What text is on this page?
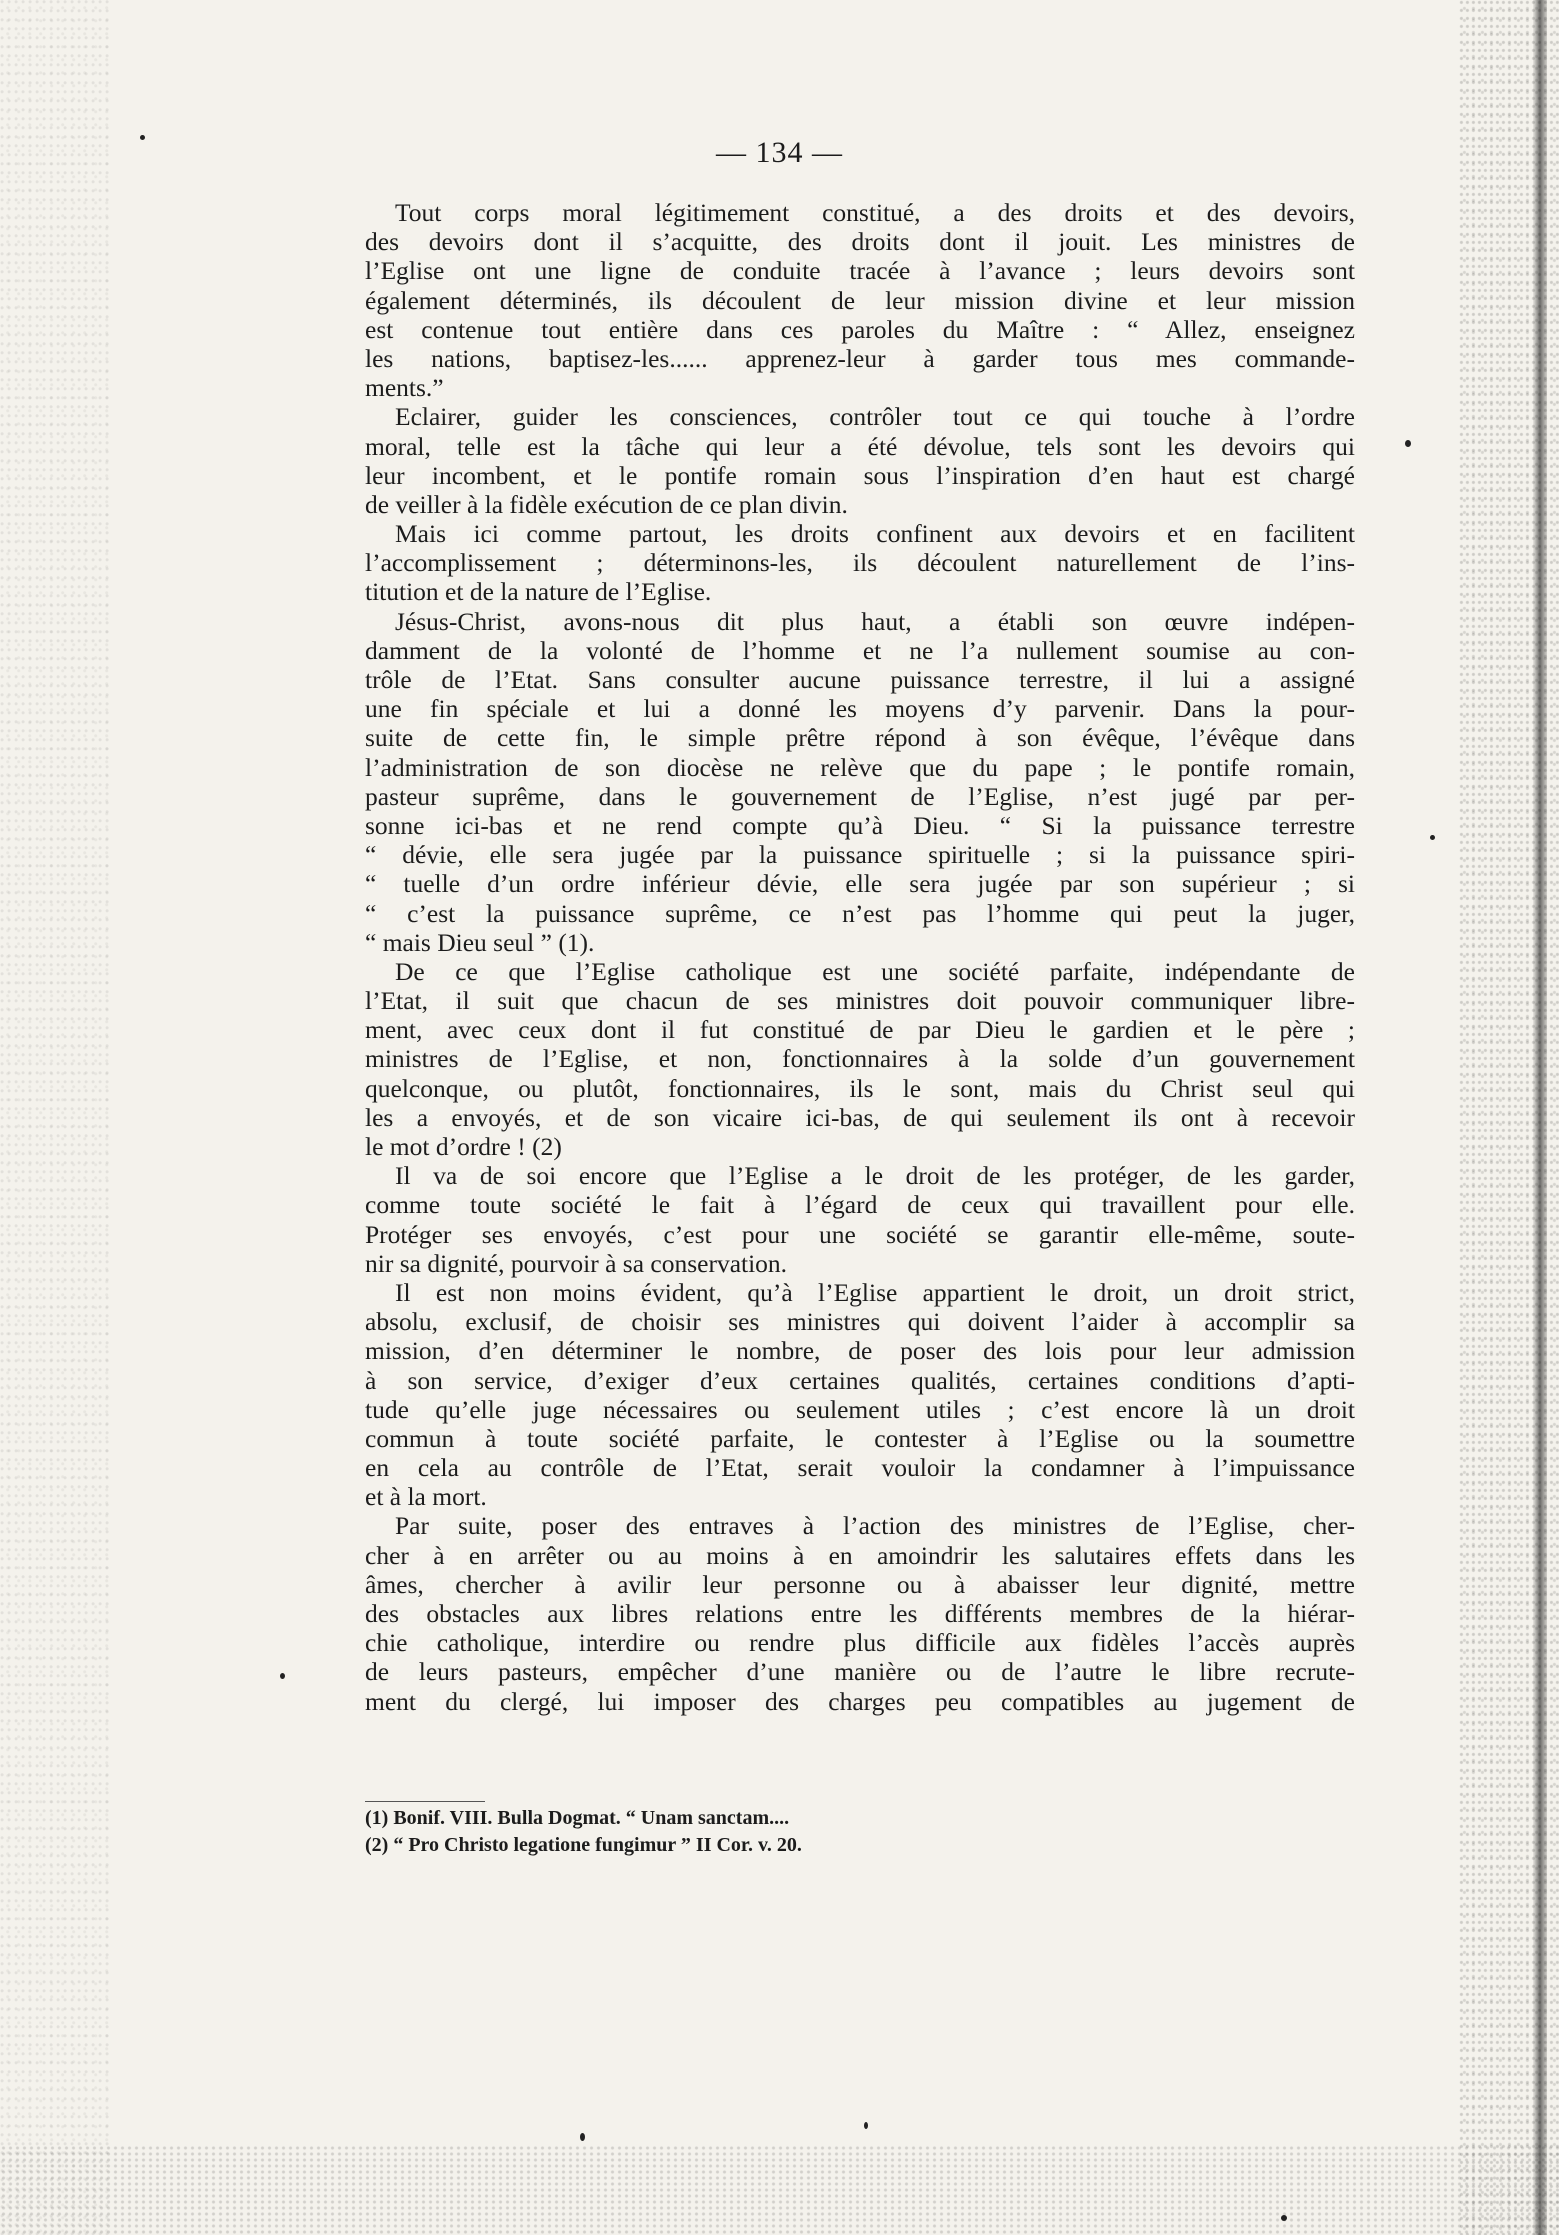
— 134 —
Tout corps moral légitimement constitué, a des droits et des devoirs,
des devoirs dont il s’acquitte, des droits dont il jouit. Les ministres de
l’Eglise ont une ligne de conduite tracée à l’avance ; leurs devoirs sont
également déterminés, ils découlent de leur mission divine et leur mission
est contenue tout entière dans ces paroles du Maître : “ Allez, enseignez
les nations, baptisez-les...... apprenez-leur à garder tous mes commande-
ments.”
Eclairer, guider les consciences, contrôler tout ce qui touche à l’ordre
moral, telle est la tâche qui leur a été dévolue, tels sont les devoirs qui
leur incombent, et le pontife romain sous l’inspiration d’en haut est chargé
de veiller à la fidèle exécution de ce plan divin.
Mais ici comme partout, les droits confinent aux devoirs et en facilitent
l’accomplissement ; déterminons-les, ils découlent naturellement de l’ins-
titution et de la nature de l’Eglise.
Jésus-Christ, avons-nous dit plus haut, a établi son œuvre indépen-
damment de la volonté de l’homme et ne l’a nullement soumise au con-
trôle de l’Etat. Sans consulter aucune puissance terrestre, il lui a assigné
une fin spéciale et lui a donné les moyens d’y parvenir. Dans la pour-
suite de cette fin, le simple prêtre répond à son évêque, l’évêque dans
l’administration de son diocèse ne relève que du pape ; le pontife romain,
pasteur suprême, dans le gouvernement de l’Eglise, n’est jugé par per-
sonne ici-bas et ne rend compte qu’à Dieu. “ Si la puissance terrestre
“ dévie, elle sera jugée par la puissance spirituelle ; si la puissance spiri-
“ tuelle d’un ordre inférieur dévie, elle sera jugée par son supérieur ; si
“ c’est la puissance suprême, ce n’est pas l’homme qui peut la juger,
“ mais Dieu seul ” (1).
De ce que l’Eglise catholique est une société parfaite, indépendante de
l’Etat, il suit que chacun de ses ministres doit pouvoir communiquer libre-
ment, avec ceux dont il fut constitué de par Dieu le gardien et le père ;
ministres de l’Eglise, et non, fonctionnaires à la solde d’un gouvernement
quelconque, ou plutôt, fonctionnaires, ils le sont, mais du Christ seul qui
les a envoyés, et de son vicaire ici-bas, de qui seulement ils ont à recevoir
le mot d’ordre ! (2)
Il va de soi encore que l’Eglise a le droit de les protéger, de les garder,
comme toute société le fait à l’égard de ceux qui travaillent pour elle.
Protéger ses envoyés, c’est pour une société se garantir elle-même, soute-
nir sa dignité, pourvoir à sa conservation.
Il est non moins évident, qu’à l’Eglise appartient le droit, un droit strict,
absolu, exclusif, de choisir ses ministres qui doivent l’aider à accomplir sa
mission, d’en déterminer le nombre, de poser des lois pour leur admission
à son service, d’exiger d’eux certaines qualités, certaines conditions d’apti-
tude qu’elle juge nécessaires ou seulement utiles ; c’est encore là un droit
commun à toute société parfaite, le contester à l’Eglise ou la soumettre
en cela au contrôle de l’Etat, serait vouloir la condamner à l’impuissance
et à la mort.
Par suite, poser des entraves à l’action des ministres de l’Eglise, cher-
cher à en arrêter ou au moins à en amoindrir les salutaires effets dans les
âmes, chercher à avilir leur personne ou à abaisser leur dignité, mettre
des obstacles aux libres relations entre les différents membres de la hiérar-
chie catholique, interdire ou rendre plus difficile aux fidèles l’accès auprès
de leurs pasteurs, empêcher d’une manière ou de l’autre le libre recrute-
ment du clergé, lui imposer des charges peu compatibles au jugement de
(1) Bonif. VIII. Bulla Dogmat. “ Unam sanctam....
(2) “ Pro Christo legatione fungimur ” II Cor. v. 20.
